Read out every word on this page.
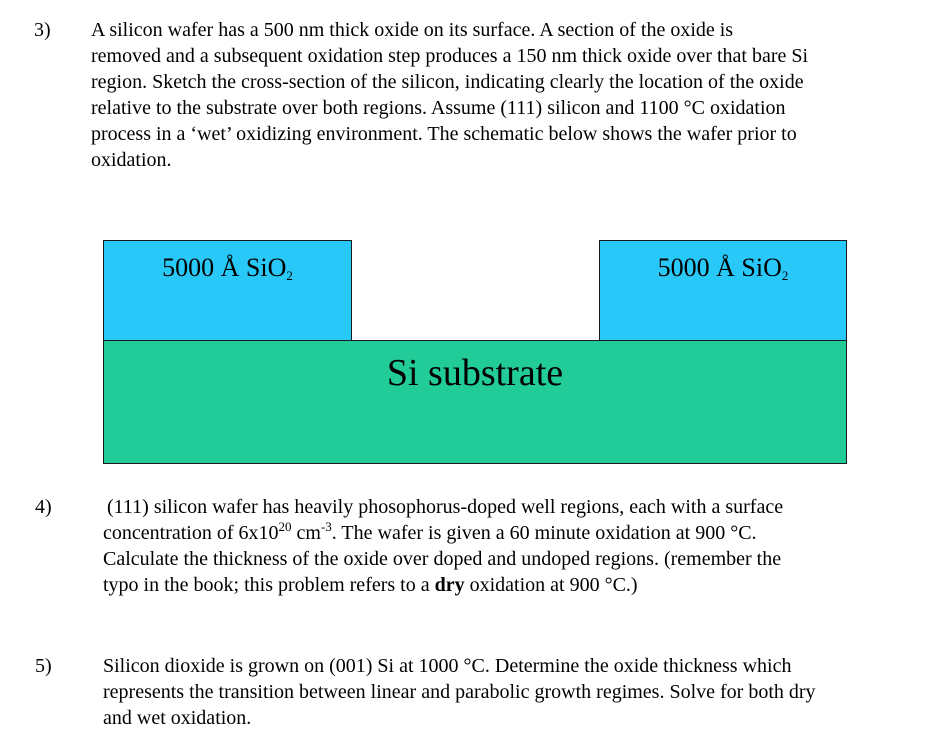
3) A silicon wafer has a 500 nm thick oxide on its surface. A section of the oxide is
removed and a subsequent oxidation step produces a 150 nm thick oxide over that bare Si
region. Sketch the cross-section of the silicon, indicating clearly the location of the oxide
relative to the substrate over both regions. Assume (111) silicon and 1100 °C oxidation
process in a ‘wet’ oxidizing environment. The schematic below shows the wafer prior to
oxidation.
5000 Å SiO$_2$	5000 Å SiO$_2$
Si substrate
4)	(111) silicon wafer has heavily phosophorus-doped well regions, each with a surface
concentration of $6x10^{20}$ $cm^{-3}$. The wafer is given a 60 minute oxidation at 900 °C.
Calculate the thickness of the oxide over doped and undoped regions. (remember the
typo in the book; this problem refers to a dry oxidation at 900 °C.)
5)	Silicon dioxide is grown on (001) Si at 1000 °C. Determine the oxide thickness which
represents the transition between linear and parabolic growth regimes. Solve for both dry
and wet oxidation.
